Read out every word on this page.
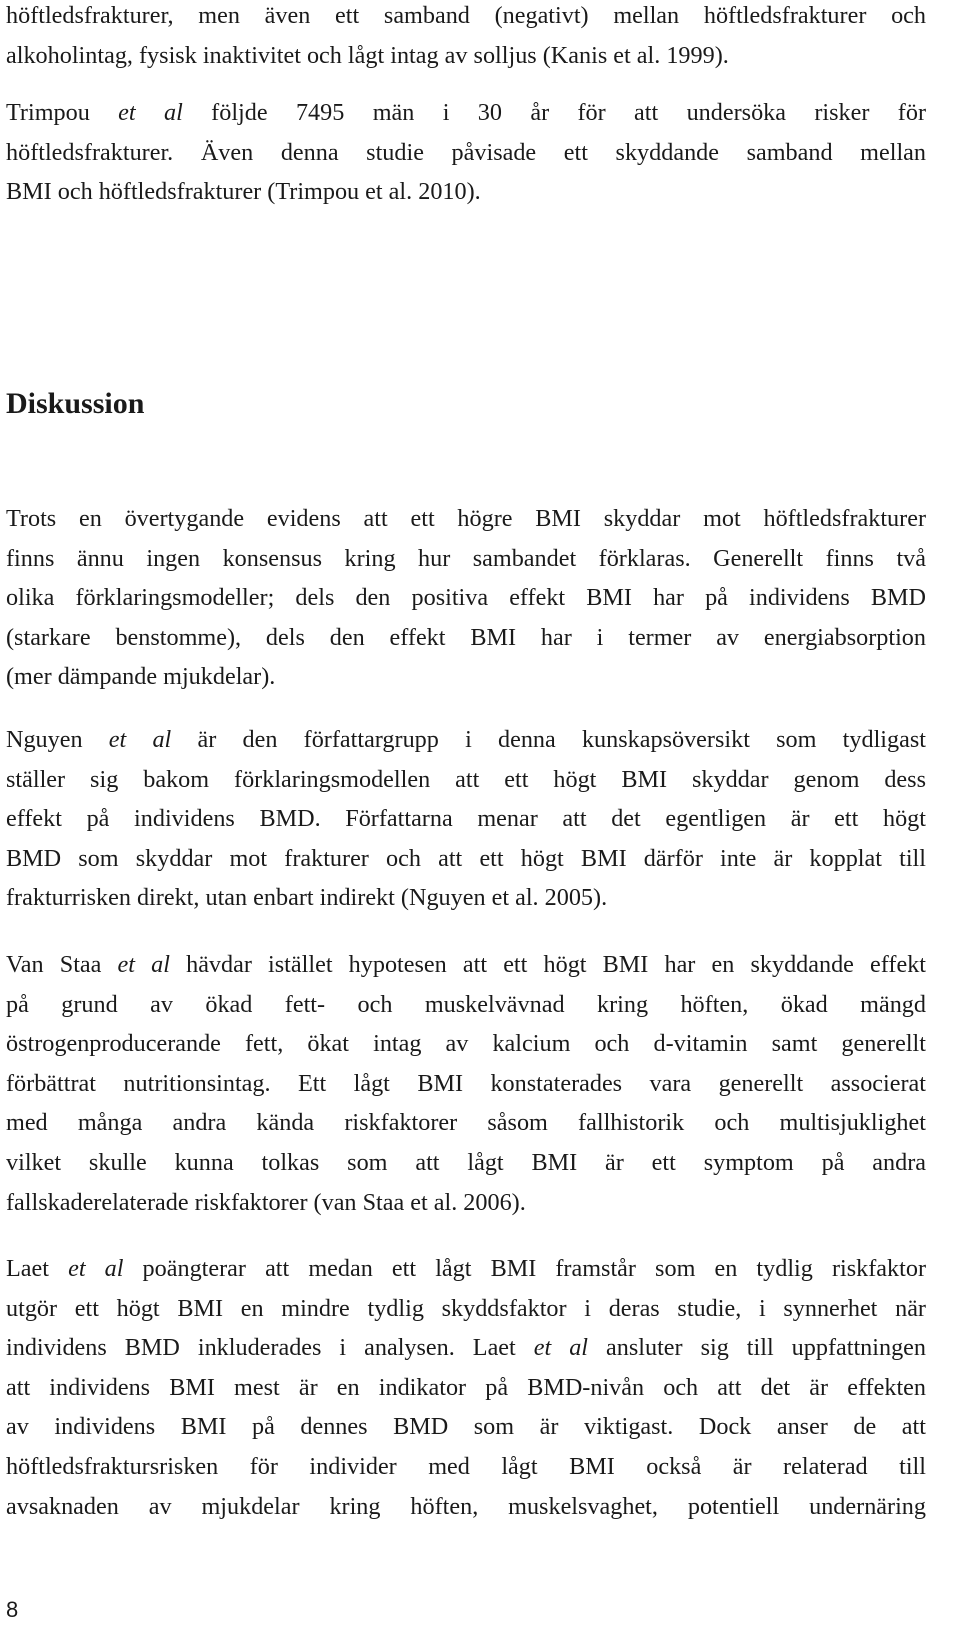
höftledsfrakturer, men även ett samband (negativt) mellan höftledsfrakturer och

alkoholintag, fysisk inaktivitet och lågt intag av solljus (Kanis et al. 1999).

Trimpou et al följde 7495 män i 30 år för att undersöka risker för

höftledsfrakturer. Även denna studie påvisade ett skyddande samband mellan

BMI och höftledsfrakturer (Trimpou et al. 2010).

Diskussion

Trots en övertygande evidens att ett högre BMI skyddar mot höftledsfrakturer

finns ännu ingen konsensus kring hur sambandet förklaras. Generellt finns två

olika förklaringsmodeller; dels den positiva effekt BMI har på individens BMD

(starkare benstomme), dels den effekt BMI har i termer av energiabsorption

(mer dämpande mjukdelar).

Nguyen et al är den författargrupp i denna kunskapsöversikt som tydligast

ställer sig bakom förklaringsmodellen att ett högt BMI skyddar genom dess

effekt på individens BMD. Författarna menar att det egentligen är ett högt

BMD som skyddar mot frakturer och att ett högt BMI därför inte är kopplat till

frakturrisken direkt, utan enbart indirekt (Nguyen et al. 2005).

Van Staa et al hävdar istället hypotesen att ett högt BMI har en skyddande effekt

på grund av ökad fett- och muskelvävnad kring höften, ökad mängd

östrogenproducerande fett, ökat intag av kalcium och d-vitamin samt generellt

förbättrat nutritionsintag. Ett lågt BMI konstaterades vara generellt associerat

med många andra kända riskfaktorer såsom fallhistorik och multisjuklighet

vilket skulle kunna tolkas som att lågt BMI är ett symptom på andra

fallskaderelaterade riskfaktorer (van Staa et al. 2006).

Laet et al poängterar att medan ett lågt BMI framstår som en tydlig riskfaktor

utgör ett högt BMI en mindre tydlig skyddsfaktor i deras studie, i synnerhet när

individens BMD inkluderades i analysen. Laet et al ansluter sig till uppfattningen

att individens BMI mest är en indikator på BMD-nivån och att det är effekten

av individens BMI på dennes BMD som är viktigast. Dock anser de att

höftledsfraktursrisken för individer med lågt BMI också är relaterad till

avsaknaden av mjukdelar kring höften, muskelsvaghet, potentiell undernäring

8
